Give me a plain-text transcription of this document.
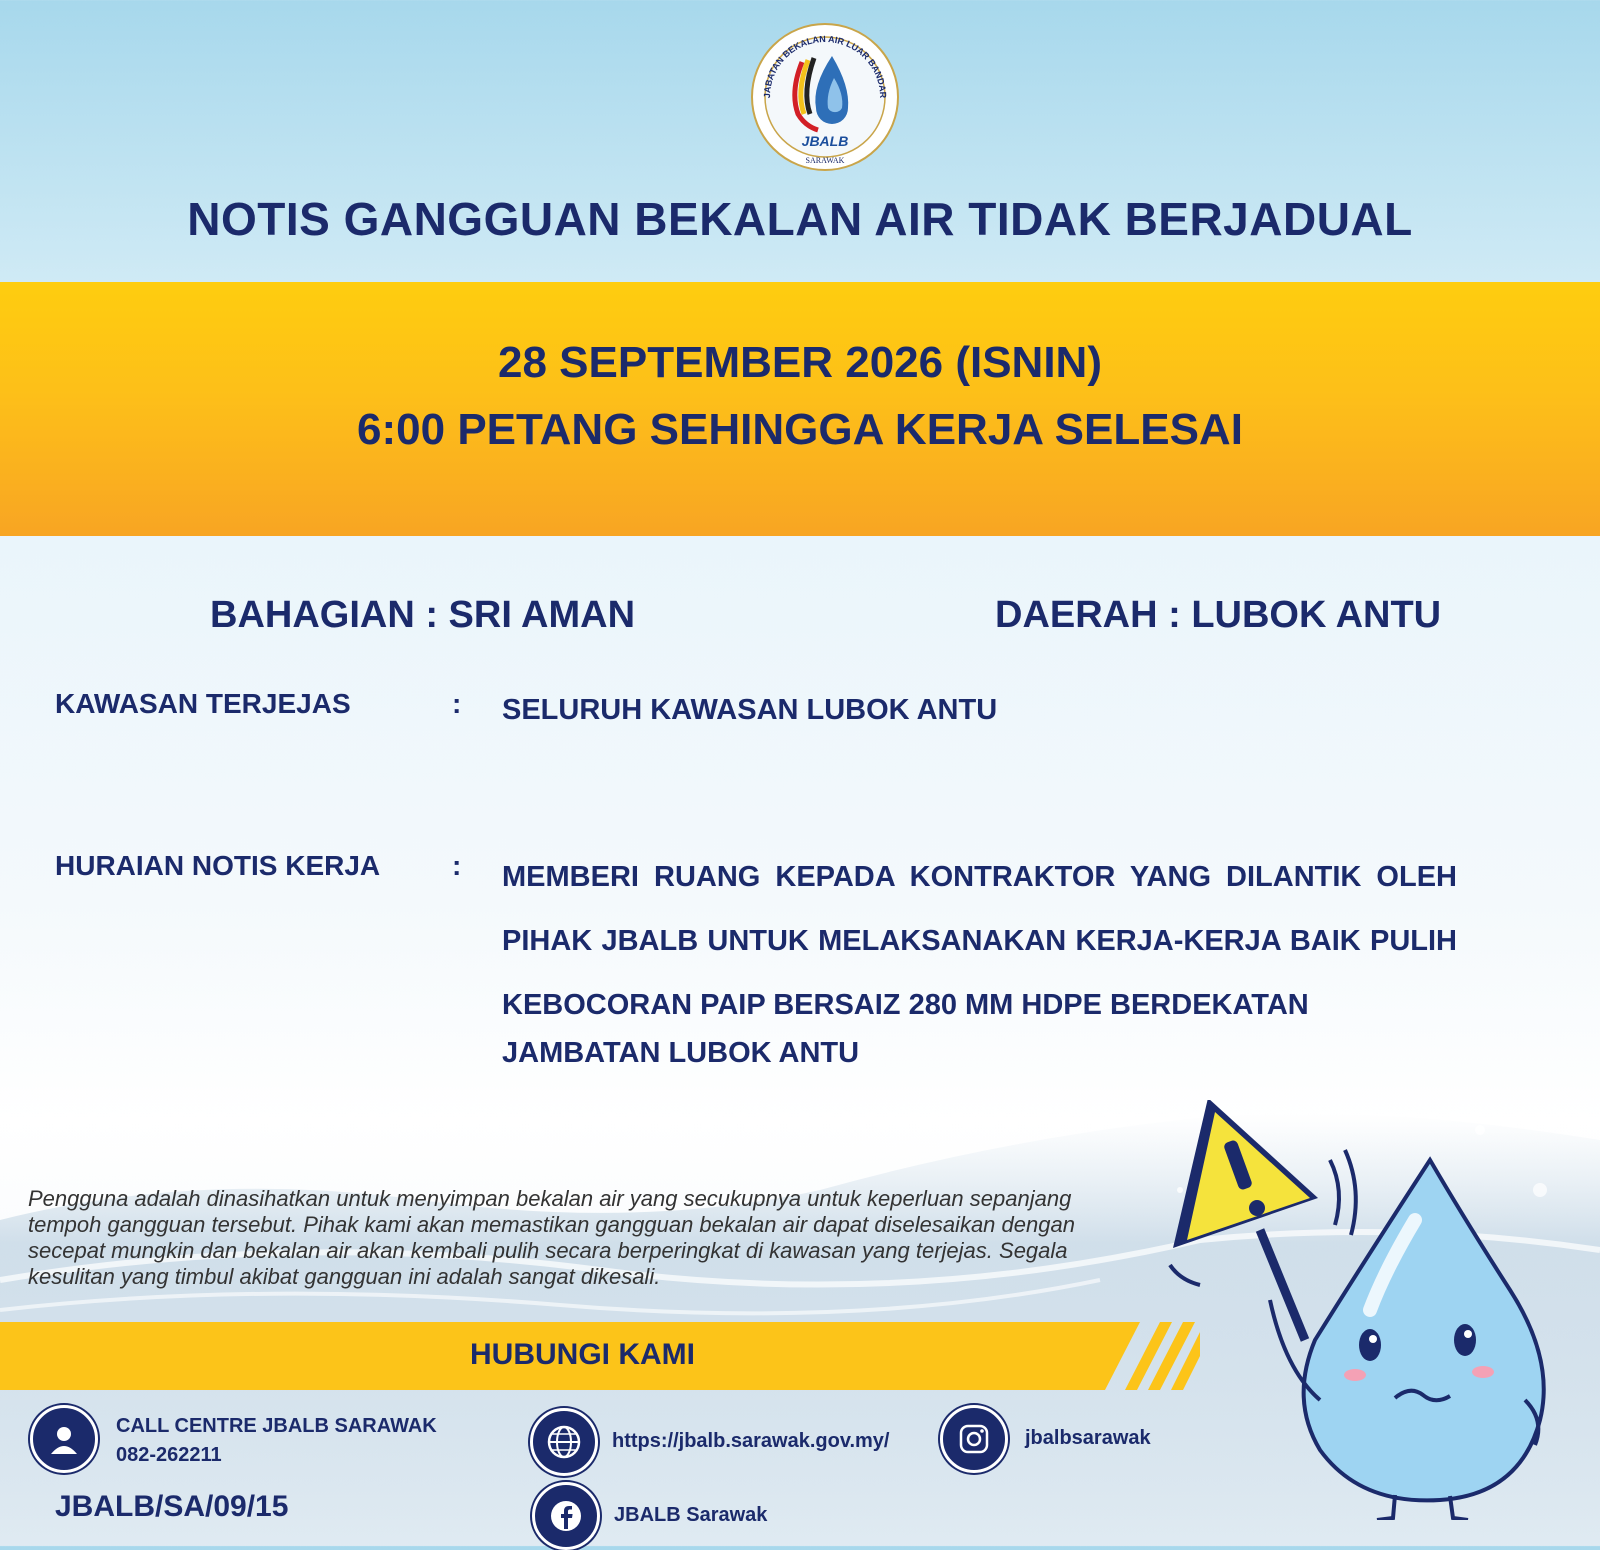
JABATAN BEKALAN AIR LUAR BANDAR
JBALB
SARAWAK
NOTIS GANGGUAN BEKALAN AIR TIDAK BERJADUAL
28 SEPTEMBER 2026 (ISNIN)
6:00 PETANG SEHINGGA KERJA SELESAI
BAHAGIAN : SRI AMAN	DAERAH : LUBOK ANTU
KAWASAN TERJEJAS	: SELURUH KAWASAN LUBOK ANTU
HURAIAN NOTIS KERJA	: MEMBERI RUANG KEPADA KONTRAKTOR YANG DILANTIK OLEH PIHAK JBALB UNTUK MELAKSANAKAN KERJA-KERJA BAIK PULIH KEBOCORAN PAIP BERSAIZ 280 MM HDPE BERDEKATAN
JAMBATAN LUBOK ANTU
Pengguna adalah dinasihatkan untuk menyimpan bekalan air yang secukupnya untuk keperluan sepanjang tempoh gangguan tersebut. Pihak kami akan memastikan gangguan bekalan air dapat diselesaikan dengan secepat mungkin dan bekalan air akan kembali pulih secara berperingkat di kawasan yang terjejas. Segala kesulitan yang timbul akibat gangguan ini adalah sangat dikesali.
HUBUNGI KAMI
CALL CENTRE JBALB SARAWAK
082-262211
https://jbalb.sarawak.gov.my/	jbalbsarawak
JBALB Sarawak
JBALB/SA/09/15
